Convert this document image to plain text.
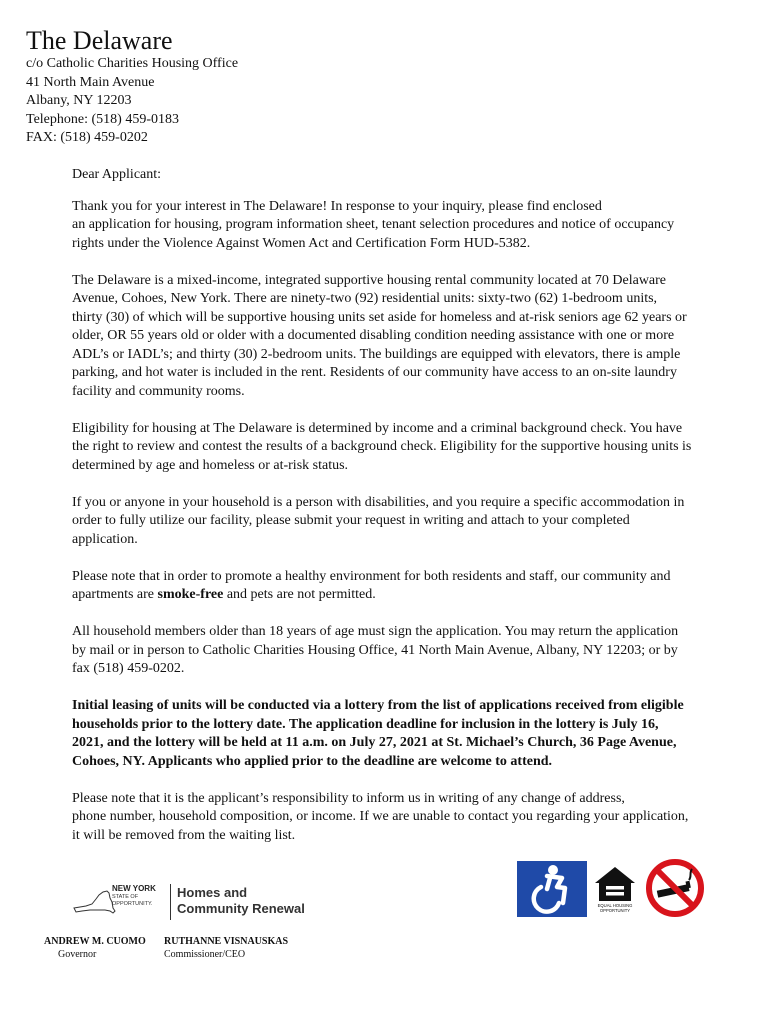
The Delaware
c/o Catholic Charities Housing Office
41 North Main Avenue
Albany, NY 12203
Telephone: (518) 459-0183
FAX: (518) 459-0202

Dear Applicant:

Thank you for your interest in The Delaware! In response to your inquiry, please find enclosed
an application for housing, program information sheet, tenant selection procedures and notice of occupancy
rights under the Violence Against Women Act and Certification Form HUD-5382.

The Delaware is a mixed-income, integrated supportive housing rental community located at 70 Delaware
Avenue, Cohoes, New York. There are ninety-two (92) residential units: sixty-two (62) 1-bedroom units,
thirty (30) of which will be supportive housing units set aside for homeless and at-risk seniors age 62 years or
older, OR 55 years old or older with a documented disabling condition needing assistance with one or more
ADL’s or IADL’s; and thirty (30) 2-bedroom units. The buildings are equipped with elevators, there is ample
parking, and hot water is included in the rent. Residents of our community have access to an on-site laundry
facility and community rooms.

Eligibility for housing at The Delaware is determined by income and a criminal background check. You have
the right to review and contest the results of a background check. Eligibility for the supportive housing units is
determined by age and homeless or at-risk status.

If you or anyone in your household is a person with disabilities, and you require a specific accommodation in
order to fully utilize our facility, please submit your request in writing and attach to your completed
application.

Please note that in order to promote a healthy environment for both residents and staff, our community and
apartments are smoke-free and pets are not permitted.

All household members older than 18 years of age must sign the application. You may return the application
by mail or in person to Catholic Charities Housing Office, 41 North Main Avenue, Albany, NY 12203; or by
fax (518) 459-0202.

Initial leasing of units will be conducted via a lottery from the list of applications received from eligible
households prior to the lottery date. The application deadline for inclusion in the lottery is July 16,
2021, and the lottery will be held at 11 a.m. on July 27, 2021 at St. Michael’s Church, 36 Page Avenue,
Cohoes, NY. Applicants who applied prior to the deadline are welcome to attend.

Please note that it is the applicant’s responsibility to inform us in writing of any change of address,
phone number, household composition, or income. If we are unable to contact you regarding your application,
it will be removed from the waiting list.

NEW YORK
STATE OF
OPPORTUNITY.
Homes and
Community Renewal
ANDREW M. CUOMO
Governor
RUTHANNE VISNAUSKAS
Commissioner/CEO
EQUAL HOUSING
OPPORTUNITY
